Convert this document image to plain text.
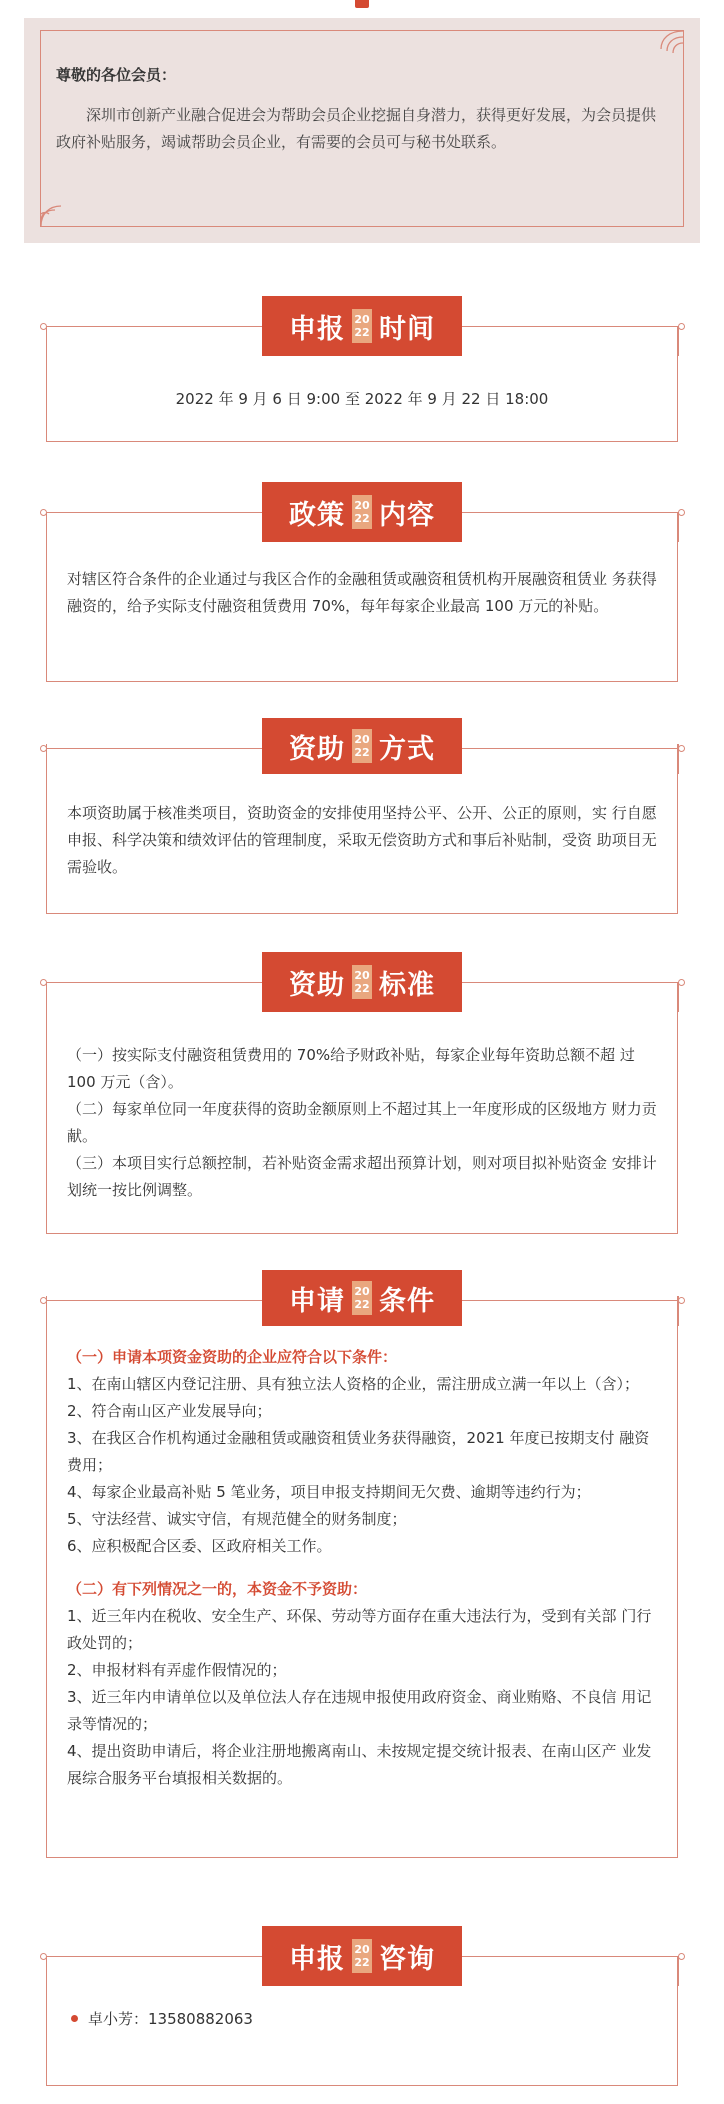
尊敬的各位会员：
深圳市创新产业融合促进会为帮助会员企业挖掘自身潜力，获得更好发展，为会员提供政府补贴服务，竭诚帮助会员企业，有需要的会员可与秘书处联系。
申报 20
22 时间
2022 年 9 月 6 日 9:00 至 2022 年 9 月 22 日 18:00
政策 20
22 内容
对辖区符合条件的企业通过与我区合作的金融租赁或融资租赁机构开展融资租赁业 务获得融资的，给予实际支付融资租赁费用 70%，每年每家企业最高 100 万元的补贴。
资助 20
22 方式
本项资助属于核准类项目，资助资金的安排使用坚持公平、公开、公正的原则，实 行自愿申报、科学决策和绩效评估的管理制度，采取无偿资助方式和事后补贴制，受资 助项目无需验收。
资助 20
22 标准
（一）按实际支付融资租赁费用的 70%给予财政补贴，每家企业每年资助总额不超 过 100 万元（含）。
（二）每家单位同一年度获得的资助金额原则上不超过其上一年度形成的区级地方 财力贡献。
（三）本项目实行总额控制，若补贴资金需求超出预算计划，则对项目拟补贴资金 安排计划统一按比例调整。
申请 20
22 条件
（一）申请本项资金资助的企业应符合以下条件：
1、在南山辖区内登记注册、具有独立法人资格的企业，需注册成立满一年以上（含）；
2、符合南山区产业发展导向；
3、在我区合作机构通过金融租赁或融资租赁业务获得融资，2021 年度已按期支付 融资费用；
4、每家企业最高补贴 5 笔业务，项目申报支持期间无欠费、逾期等违约行为；
5、守法经营、诚实守信，有规范健全的财务制度；
6、应积极配合区委、区政府相关工作。
（二）有下列情况之一的，本资金不予资助：
1、近三年内在税收、安全生产、环保、劳动等方面存在重大违法行为，受到有关部 门行政处罚的；
2、申报材料有弄虚作假情况的；
3、近三年内申请单位以及单位法人存在违规申报使用政府资金、商业贿赂、不良信 用记录等情况的；
4、提出资助申请后，将企业注册地搬离南山、未按规定提交统计报表、在南山区产 业发展综合服务平台填报相关数据的。
申报 20
22 咨询
卓小芳：13580882063
